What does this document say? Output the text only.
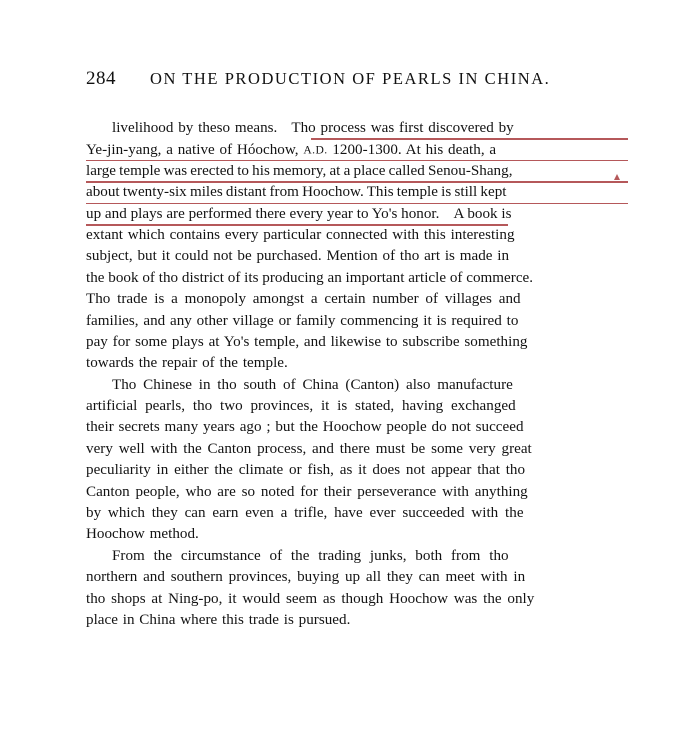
284 ON THE PRODUCTION OF PEARLS IN CHINA.
livelihood by theso means. Tho process was first discovered by
Ye-jin-yang, a native of Hóochow, A.D. 1200-1300. At his death, a
large temple was erected to his memory, at a place called Senou-Shang,
about twenty-six miles distant from Hoochow. This temple is still kept
up and plays are performed there every year to Yo's honor. A book is
extant which contains every particular connected with this interesting
subject, but it could not be purchased. Mention of tho art is made in
the book of tho district of its producing an important article of commerce.
Tho trade is a monopoly amongst a certain number of villages and
families, and any other village or family commencing it is required to
pay for some plays at Yo's temple, and likewise to subscribe something
towards the repair of the temple.
Tho Chinese in tho south of China (Canton) also manufacture
artificial pearls, tho two provinces, it is stated, having exchanged
their secrets many years ago ; but the Hoochow people do not succeed
very well with the Canton process, and there must be some very great
peculiarity in either the climate or fish, as it does not appear that tho
Canton people, who are so noted for their perseverance with anything
by which they can earn even a trifle, have ever succeeded with the
Hoochow method.
From the circumstance of the trading junks, both from tho
northern and southern provinces, buying up all they can meet with in
tho shops at Ning-po, it would seem as though Hoochow was the only
place in China where this trade is pursued.
